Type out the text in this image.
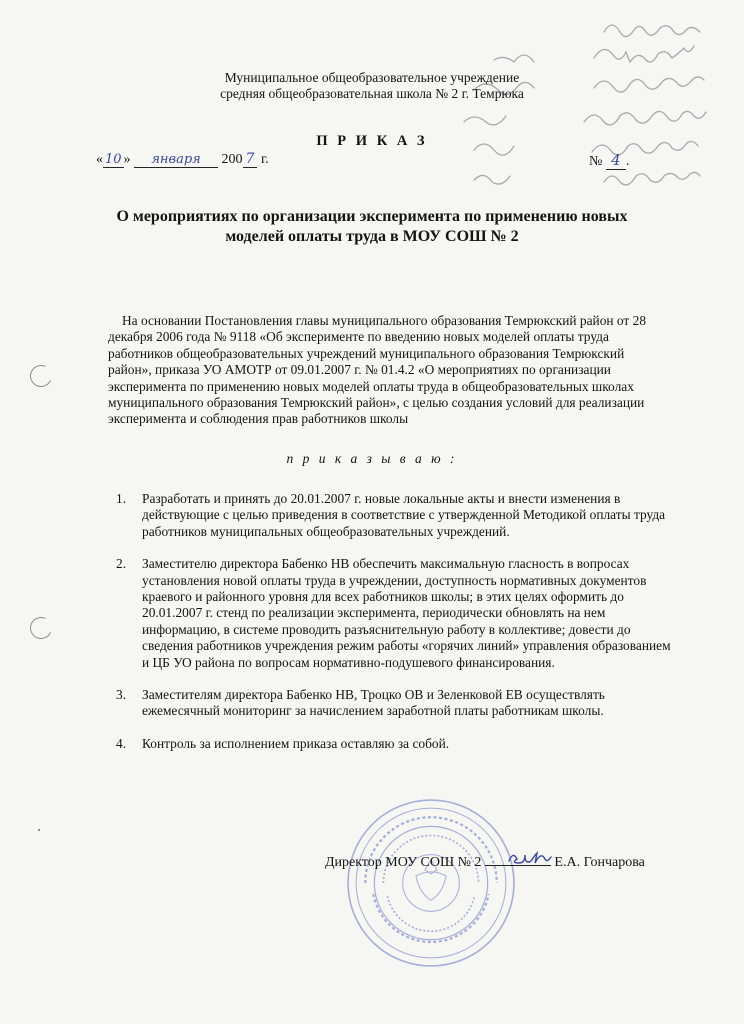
Муниципальное общеобразовательное учреждение
средняя общеобразовательная школа № 2 г. Темрюка
П Р И К А З
« 10 » января 200 7 г.	№ 4 .
О мероприятиях по организации эксперимента по применению новых
моделей оплаты труда в МОУ СОШ № 2

На основании Постановления главы муниципального образования Темрюкский район от 28 декабря 2006 года № 9118 «Об эксперименте по введению новых моделей оплаты труда работников общеобразовательных учреждений муниципального образования Темрюкский район», приказа УО АМОТР от 09.01.2007 г. № 01.4.2 «О мероприятиях по организации эксперимента по применению новых моделей оплаты труда в общеобразовательных школах муниципального образования Темрюкский район», с целью создания условий для реализации эксперимента и соблюдения прав работников школы

п р и к а з ы в а ю :
1. Разработать и принять до 20.01.2007 г. новые локальные акты и внести изменения в действующие с целью приведения в соответствие с утвержденной Методикой оплаты труда работников муниципальных общеобразовательных учреждений.
2. Заместителю директора Бабенко НВ обеспечить максимальную гласность в вопросах установления новой оплаты труда в учреждении, доступность нормативных документов краевого и районного уровня для всех работников школы; в этих целях оформить до 20.01.2007 г. стенд по реализации эксперимента, периодически обновлять на нем информацию, в системе проводить разъяснительную работу в коллективе; довести до сведения работников учреждения режим работы «горячих линий» управления образованием и ЦБ УО района по вопросам нормативно-подушевого финансирования.
3. Заместителям директора Бабенко НВ, Троцко ОВ и Зеленковой ЕВ осуществлять ежемесячный мониторинг за начислением заработной платы работникам школы.
4. Контроль за исполнением приказа оставляю за собой.
Директор МОУ СОШ № 2	Е.А. Гончарова
